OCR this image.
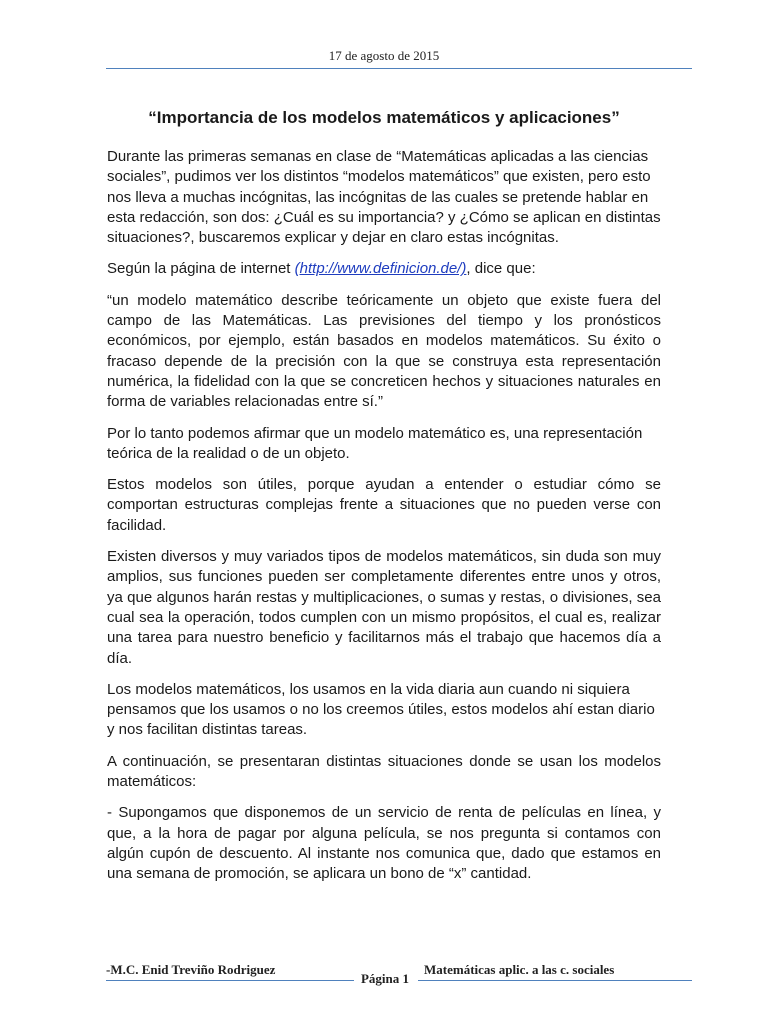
17 de agosto de 2015
“Importancia de los modelos matemáticos y aplicaciones”

Durante las primeras semanas en clase de “Matemáticas aplicadas a las ciencias sociales”, pudimos ver los distintos “modelos matemáticos” que existen, pero esto nos lleva a muchas incógnitas, las incógnitas de las cuales se pretende hablar en esta redacción, son dos: ¿Cuál es su importancia? y ¿Cómo se aplican en distintas situaciones?, buscaremos explicar y dejar en claro estas incógnitas.

Según la página de internet (http://www.definicion.de/), dice que:

“un modelo matemático describe teóricamente un objeto que existe fuera del campo de las Matemáticas. Las previsiones del tiempo y los pronósticos económicos, por ejemplo, están basados en modelos matemáticos. Su éxito o fracaso depende de la precisión con la que se construya esta representación numérica, la fidelidad con la que se concreticen hechos y situaciones naturales en forma de variables relacionadas entre sí.”

Por lo tanto podemos afirmar que un modelo matemático es, una representación teórica de la realidad o de un objeto.

Estos modelos son útiles, porque ayudan a entender o estudiar cómo se comportan estructuras complejas frente a situaciones que no pueden verse con facilidad.

Existen diversos y muy variados tipos de modelos matemáticos, sin duda son muy amplios, sus funciones pueden ser completamente diferentes entre unos y otros, ya que algunos harán restas y multiplicaciones, o sumas y restas, o divisiones, sea cual sea la operación, todos cumplen con un mismo propósitos, el cual es, realizar una tarea para nuestro beneficio y facilitarnos más el trabajo que hacemos día a día.

Los modelos matemáticos, los usamos en la vida diaria aun cuando ni siquiera pensamos que los usamos o no los creemos útiles, estos modelos ahí estan diario y nos facilitan distintas tareas.

A continuación, se presentaran distintas situaciones donde se usan los modelos matemáticos:

- Supongamos que disponemos de un servicio de renta de películas en línea, y que, a la hora de pagar por alguna película, se nos pregunta si contamos con algún cupón de descuento. Al instante nos comunica que, dado que estamos en una semana de promoción, se aplicara un bono de “x” cantidad.

-M.C. Enid Treviño Rodriguez
Página 1
Matemáticas aplic. a las c. sociales
